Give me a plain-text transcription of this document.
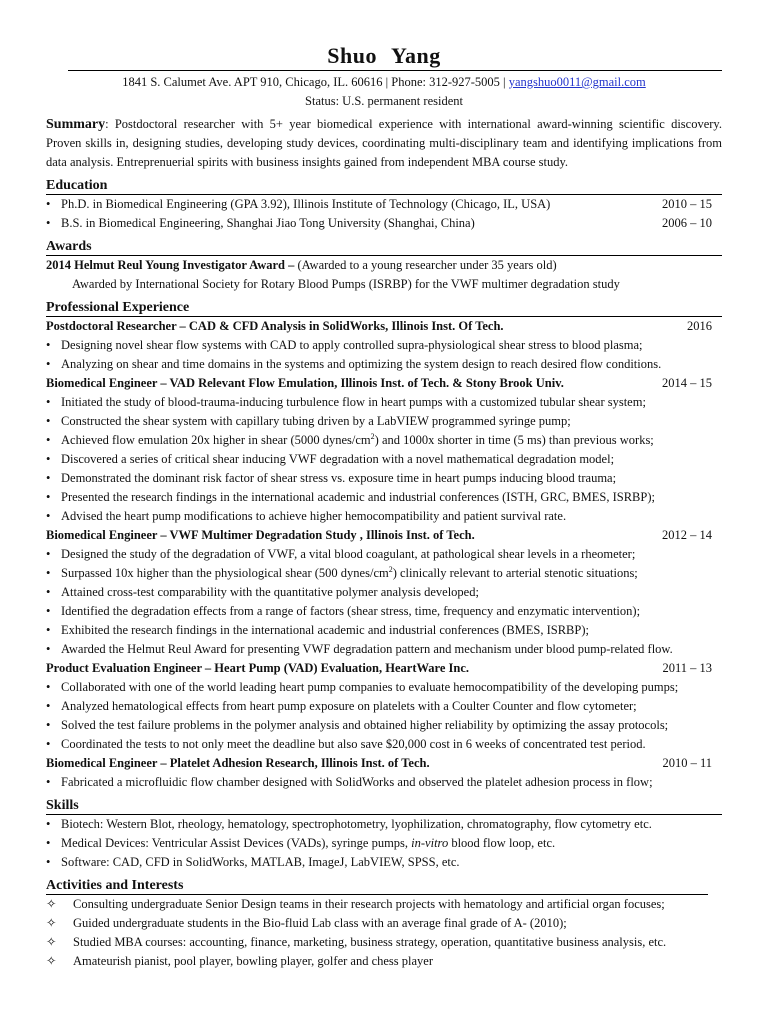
Shuo Yang
1841 S. Calumet Ave. APT 910, Chicago, IL. 60616 | Phone: 312-927-5005 | yangshuo0011@gmail.com
Status: U.S. permanent resident
Summary: Postdoctoral researcher with 5+ year biomedical experience with international award-winning scientific discovery. Proven skills in, designing studies, developing study devices, coordinating multi-disciplinary team and identifying implications from data analysis. Entreprenuerial spirits with business insights gained from independent MBA course study.
Education
• Ph.D. in Biomedical Engineering (GPA 3.92), Illinois Institute of Technology (Chicago, IL, USA)	2010 – 15
• B.S. in Biomedical Engineering, Shanghai Jiao Tong University (Shanghai, China)	2006 – 10
Awards
2014 Helmut Reul Young Investigator Award – (Awarded to a young researcher under 35 years old)
Awarded by International Society for Rotary Blood Pumps (ISRBP) for the VWF multimer degradation study
Professional Experience
Postdoctoral Researcher – CAD & CFD Analysis in SolidWorks, Illinois Inst. Of Tech.	2016
• Designing novel shear flow systems with CAD to apply controlled supra-physiological shear stress to blood plasma;
• Analyzing on shear and time domains in the systems and optimizing the system design to reach desired flow conditions.
Biomedical Engineer – VAD Relevant Flow Emulation, Illinois Inst. of Tech. & Stony Brook Univ.	2014 – 15
• Initiated the study of blood-trauma-inducing turbulence flow in heart pumps with a customized tubular shear system;
• Constructed the shear system with capillary tubing driven by a LabVIEW programmed syringe pump;
• Achieved flow emulation 20x higher in shear (5000 dynes/$cm^2$) and 1000x shorter in time (5 ms) than previous works;
• Discovered a series of critical shear inducing VWF degradation with a novel mathematical degradation model;
• Demonstrated the dominant risk factor of shear stress vs. exposure time in heart pumps inducing blood trauma;
• Presented the research findings in the international academic and industrial conferences (ISTH, GRC, BMES, ISRBP);
• Advised the heart pump modifications to achieve higher hemocompatibility and patient survival rate.
Biomedical Engineer – VWF Multimer Degradation Study , Illinois Inst. of Tech.	2012 – 14
• Designed the study of the degradation of VWF, a vital blood coagulant, at pathological shear levels in a rheometer;
• Surpassed 10x higher than the physiological shear (500 dynes/$cm^2$) clinically relevant to arterial stenotic situations;
• Attained cross-test comparability with the quantitative polymer analysis developed;
• Identified the degradation effects from a range of factors (shear stress, time, frequency and enzymatic intervention);
• Exhibited the research findings in the international academic and industrial conferences (BMES, ISRBP);
• Awarded the Helmut Reul Award for presenting VWF degradation pattern and mechanism under blood pump-related flow.
Product Evaluation Engineer – Heart Pump (VAD) Evaluation, HeartWare Inc.	2011 – 13
• Collaborated with one of the world leading heart pump companies to evaluate hemocompatibility of the developing pumps;
• Analyzed hematological effects from heart pump exposure on platelets with a Coulter Counter and flow cytometer;
• Solved the test failure problems in the polymer analysis and obtained higher reliability by optimizing the assay protocols;
• Coordinated the tests to not only meet the deadline but also save $20,000 cost in 6 weeks of concentrated test period.
Biomedical Engineer – Platelet Adhesion Research, Illinois Inst. of Tech.	2010 – 11
• Fabricated a microfluidic flow chamber designed with SolidWorks and observed the platelet adhesion process in flow;
Skills
• Biotech: Western Blot, rheology, hematology, spectrophotometry, lyophilization, chromatography, flow cytometry etc.
• Medical Devices: Ventricular Assist Devices (VADs), syringe pumps, in-vitro blood flow loop, etc.
• Software: CAD, CFD in SolidWorks, MATLAB, ImageJ, LabVIEW, SPSS, etc.
Activities and Interests
✧ Consulting undergraduate Senior Design teams in their research projects with hematology and artificial organ focuses;
✧ Guided undergraduate students in the Bio-fluid Lab class with an average final grade of A- (2010);
✧ Studied MBA courses: accounting, finance, marketing, business strategy, operation, quantitative business analysis, etc.
✧ Amateurish pianist, pool player, bowling player, golfer and chess player
